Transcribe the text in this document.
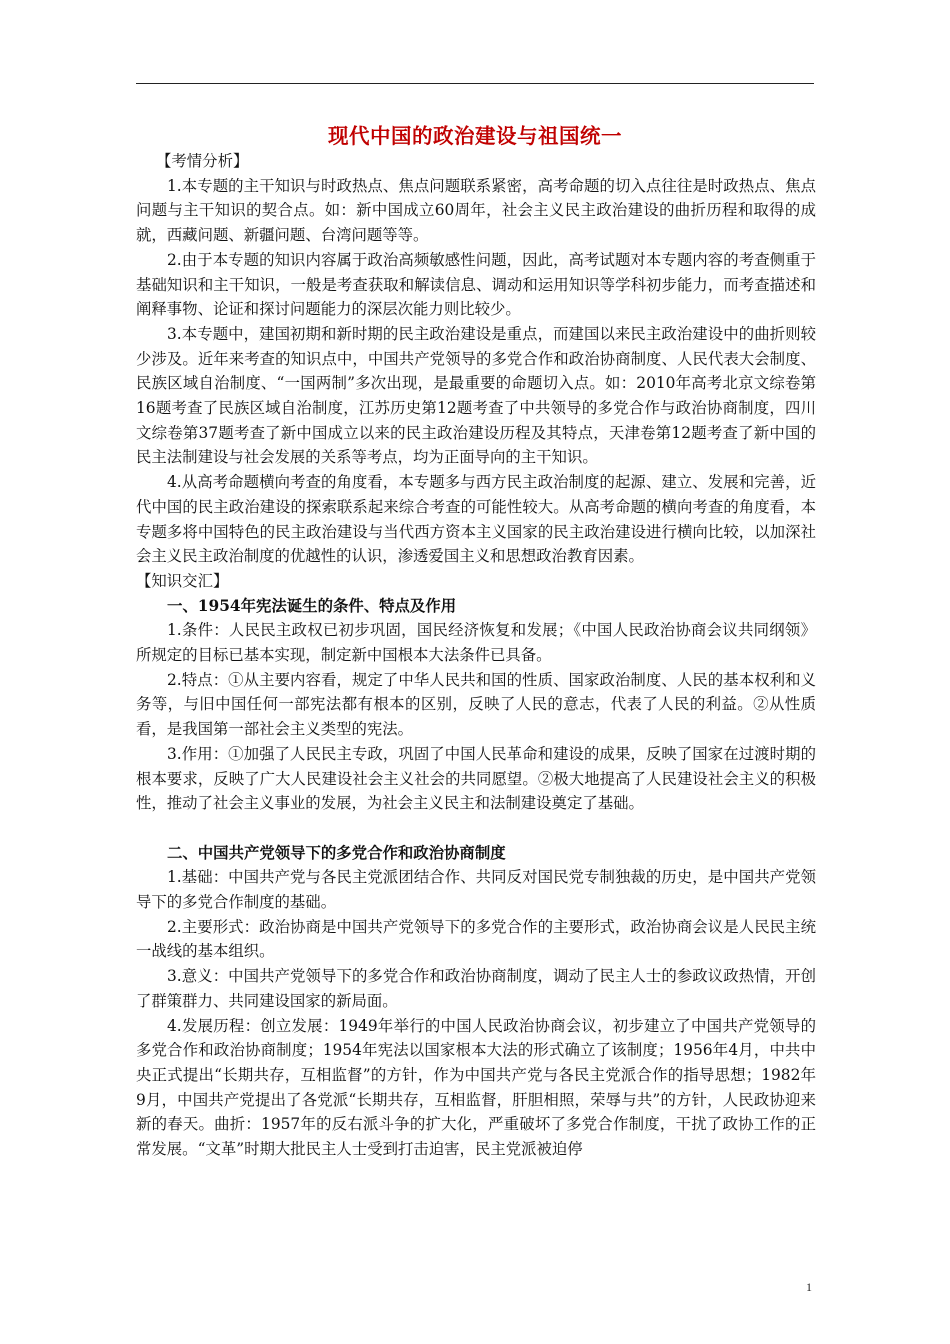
现代中国的政治建设与祖国统一

【考情分析】

1.本专题的主干知识与时政热点、焦点问题联系紧密，高考命题的切入点往往是时政热点、焦点问题与主干知识的契合点。如：新中国成立60周年，社会主义民主政治建设的曲折历程和取得的成就，西藏问题、新疆问题、台湾问题等等。

2.由于本专题的知识内容属于政治高频敏感性问题，因此，高考试题对本专题内容的考查侧重于基础知识和主干知识，一般是考查获取和解读信息、调动和运用知识等学科初步能力，而考查描述和阐释事物、论证和探讨问题能力的深层次能力则比较少。

3.本专题中，建国初期和新时期的民主政治建设是重点，而建国以来民主政治建设中的曲折则较少涉及。近年来考查的知识点中，中国共产党领导的多党合作和政治协商制度、人民代表大会制度、民族区域自治制度、“一国两制”多次出现，是最重要的命题切入点。如：2010年高考北京文综卷第16题考查了民族区域自治制度，江苏历史第12题考查了中共领导的多党合作与政治协商制度，四川文综卷第37题考查了新中国成立以来的民主政治建设历程及其特点，天津卷第12题考查了新中国的民主法制建设与社会发展的关系等考点，均为正面导向的主干知识。

4.从高考命题横向考查的角度看，本专题多与西方民主政治制度的起源、建立、发展和完善，近代中国的民主政治建设的探索联系起来综合考查的可能性较大。从高考命题的横向考查的角度看，本专题多将中国特色的民主政治建设与当代西方资本主义国家的民主政治建设进行横向比较，以加深社会主义民主政治制度的优越性的认识，渗透爱国主义和思想政治教育因素。

【知识交汇】

一、1954年宪法诞生的条件、特点及作用

1.条件：人民民主政权已初步巩固，国民经济恢复和发展；《中国人民政治协商会议共同纲领》所规定的目标已基本实现，制定新中国根本大法条件已具备。

2.特点：①从主要内容看，规定了中华人民共和国的性质、国家政治制度、人民的基本权利和义务等，与旧中国任何一部宪法都有根本的区别，反映了人民的意志，代表了人民的利益。②从性质看，是我国第一部社会主义类型的宪法。

3.作用：①加强了人民民主专政，巩固了中国人民革命和建设的成果，反映了国家在过渡时期的根本要求，反映了广大人民建设社会主义社会的共同愿望。②极大地提高了人民建设社会主义的积极性，推动了社会主义事业的发展，为社会主义民主和法制建设奠定了基础。

二、中国共产党领导下的多党合作和政治协商制度

1.基础：中国共产党与各民主党派团结合作、共同反对国民党专制独裁的历史，是中国共产党领导下的多党合作制度的基础。

2.主要形式：政治协商是中国共产党领导下的多党合作的主要形式，政治协商会议是人民民主统一战线的基本组织。

3.意义：中国共产党领导下的多党合作和政治协商制度，调动了民主人士的参政议政热情，开创了群策群力、共同建设国家的新局面。

4.发展历程：创立发展：1949年举行的中国人民政治协商会议，初步建立了中国共产党领导的多党合作和政治协商制度；1954年宪法以国家根本大法的形式确立了该制度；1956年4月，中共中央正式提出“长期共存，互相监督”的方针，作为中国共产党与各民主党派合作的指导思想；1982年9月，中国共产党提出了各党派“长期共存，互相监督，肝胆相照，荣辱与共”的方针，人民政协迎来新的春天。曲折：1957年的反右派斗争的扩大化，严重破坏了多党合作制度，干扰了政协工作的正常发展。“文革”时期大批民主人士受到打击迫害，民主党派被迫停

1
